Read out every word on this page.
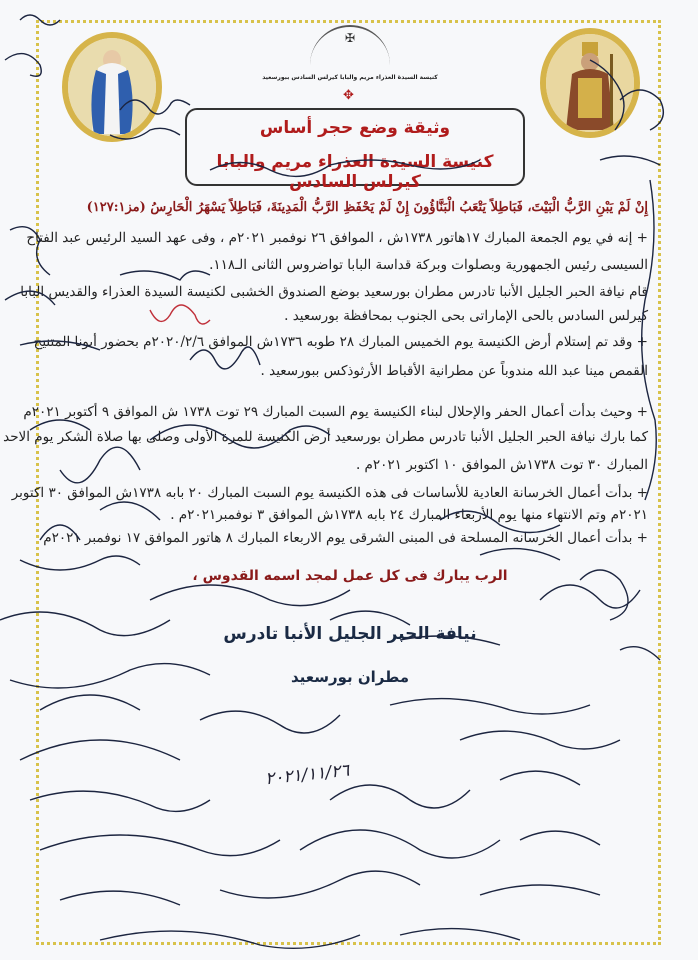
✠
كنيسة السيدة العذراء مريم والبابا كيرلس السادس ببورسعيد
✥
وثيقة وضع حجر أساس
كنيسة السيدة العذراء مريم والبابا كيرلس السادس
إِنْ لَمْ يَبْنِ الرَّبُّ الْبَيْتَ، فَبَاطِلاً يَتْعَبُ الْبَنَّاؤُونَ إِنْ لَمْ يَحْفَظِ الرَّبُّ الْمَدِينَةَ، فَبَاطِلاً يَسْهَرُ الْحَارِسُ (مز١٢٧:١)
+ إنه في يوم الجمعة المبارك ١٧هاتور ١٧٣٨ش ، الموافق ٢٦ نوفمبر ٢٠٢١م ، وفى عهد السيد الرئيس عبد الفتاح
السيسى رئيس الجمهورية وبصلوات وبركة قداسة البابا تواضروس الثانى الـ١١٨.
قام نيافة الحبر الجليل الأنبا تادرس مطران بورسعيد بوضع الصندوق الخشبى لكنيسة السيدة العذراء والقديس البابا
كيرلس السادس بالحى الإماراتى بحى الجنوب بمحافظة بورسعيد .
+ وقد تم إستلام أرض الكنيسة يوم الخميس المبارك ٢٨ طوبه ١٧٣٦ش الموافق ٢٠٢٠/٢/٦م بحضور أبونا المتنيح
القمص مينا عبد الله مندوباً عن مطرانية الأقباط الأرثوذكس ببورسعيد .
+ وحيث بدأت أعمال الحفر والإحلال لبناء الكنيسة يوم السبت المبارك ٢٩ توت ١٧٣٨ ش الموافق ٩ أكتوبر ٢٠٢١م
كما بارك نيافة الحبر الجليل الأنبا تادرس مطران بورسعيد أرض الكنيسة للمرة الأولى وصلى بها صلاة الشكر يوم الاحد
المبارك ٣٠ توت ١٧٣٨ش الموافق ١٠ اكتوبر ٢٠٢١م .
+ بدأت أعمال الخرسانة العادية للأساسات فى هذه الكنيسة يوم السبت المبارك ٢٠ بابه ١٧٣٨ش الموافق ٣٠ اكتوبر
٢٠٢١م وتم الانتهاء منها يوم الأربعاء المبارك ٢٤ بابه ١٧٣٨ش الموافق ٣ نوفمبر٢٠٢١م .
+ بدأت أعمال الخرسانه المسلحة فى المبنى الشرقى يوم الاربعاء المبارك ٨ هاتور الموافق ١٧ نوفمبر ٢٠٢١م
الرب يبارك فى كل عمل لمجد اسمه القدوس ،
نيافة الحبر الجليل الأنبا تادرس
مطران بورسعيد
٢٠٢١/١١/٢٦
